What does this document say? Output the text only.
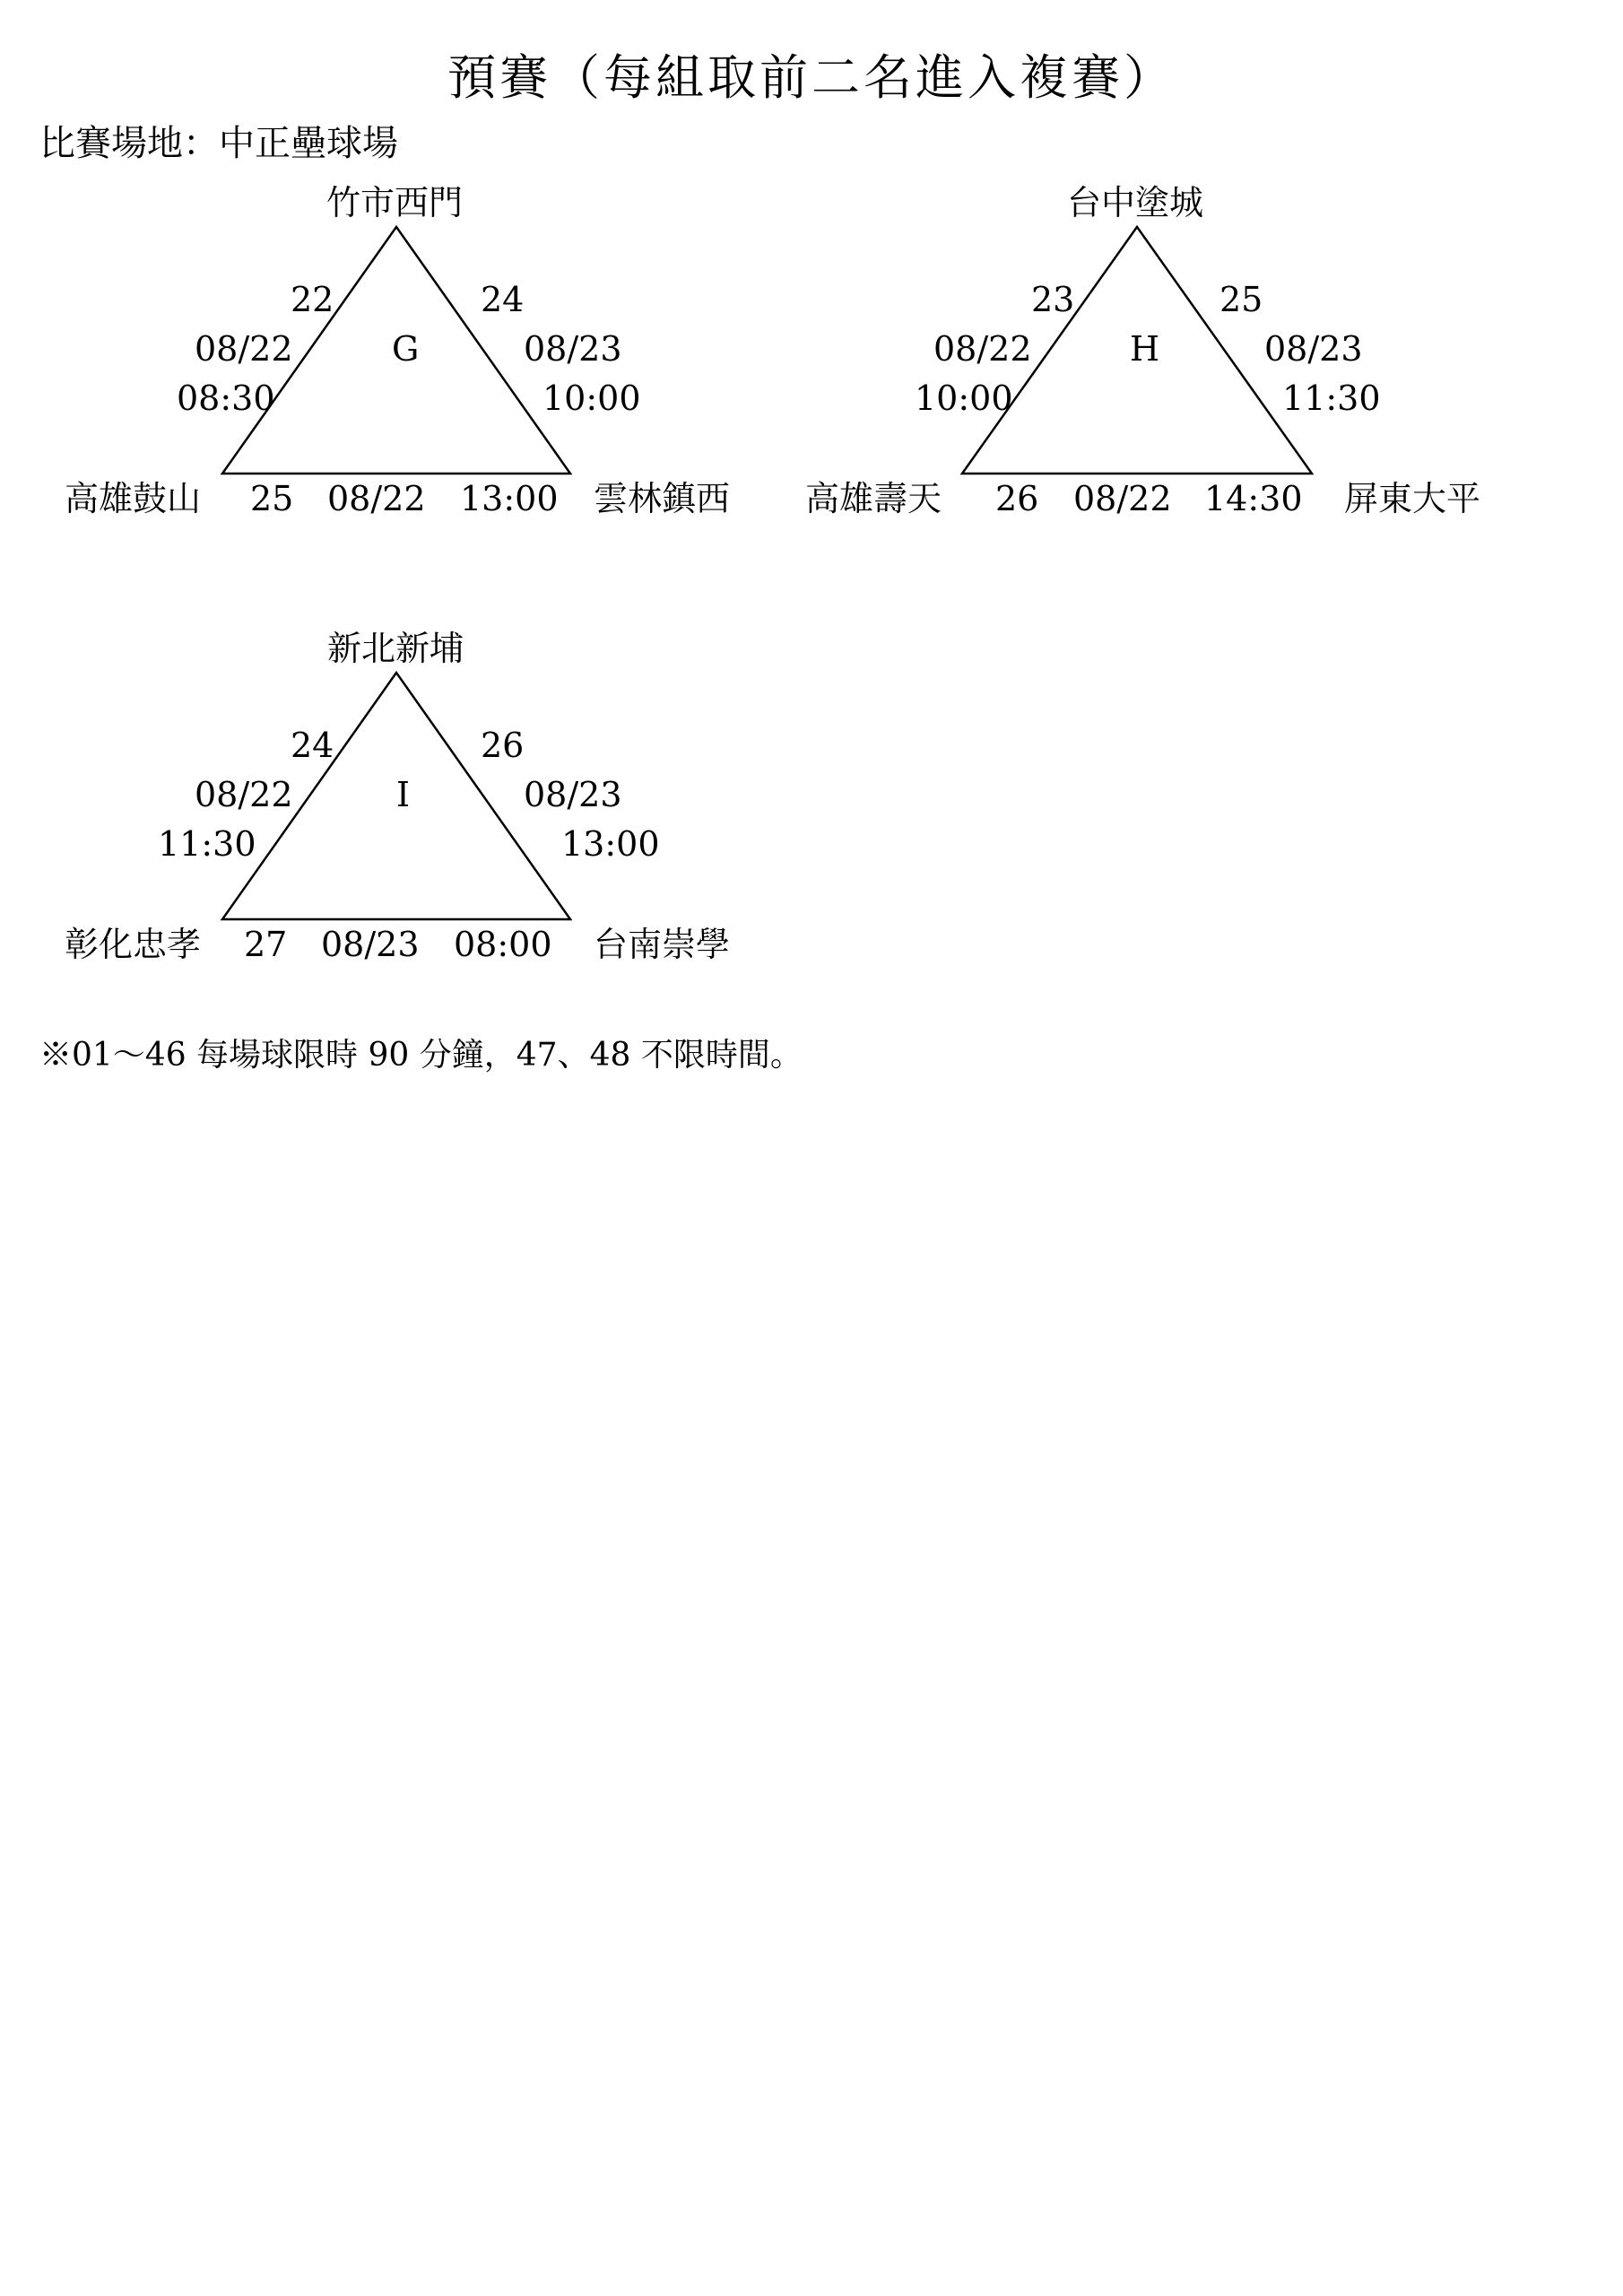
預賽（每組取前二名進入複賽）
比賽場地：中正壘球場
竹市西門
G
22
08/22
08:30
24
08/23
10:00
高雄鼓山 25 08/22 13:00 雲林鎮西
台中塗城
H
23
08/22
10:00
25
08/23
11:30
高雄壽天 26 08/22 14:30 屏東大平
新北新埔
I
24
08/22
11:30
26
08/23
13:00
彰化忠孝 27 08/23 08:00 台南崇學
※01～46 每場球限時 90 分鐘，47、48 不限時間。
